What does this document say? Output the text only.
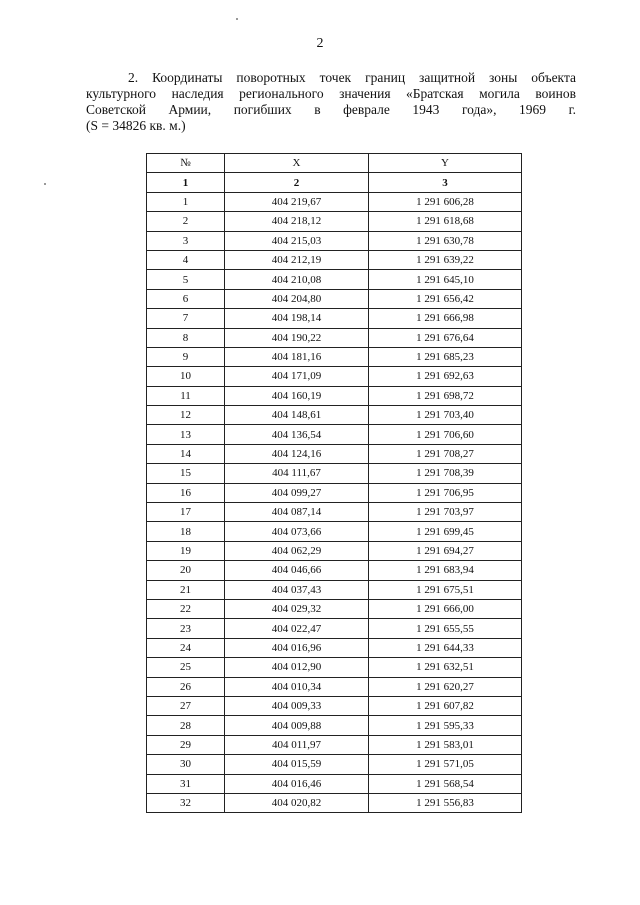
2
2. Координаты поворотных точек границ защитной зоны объекта
культурного наследия регионального значения «Братская могила воинов
Советской Армии, погибших в феврале 1943 года», 1969 г.
(S = 34826 кв. м.)
№	X	Y
1	2	3
1	404 219,67	1 291 606,28
2	404 218,12	1 291 618,68
3	404 215,03	1 291 630,78
4	404 212,19	1 291 639,22
5	404 210,08	1 291 645,10
6	404 204,80	1 291 656,42
7	404 198,14	1 291 666,98
8	404 190,22	1 291 676,64
9	404 181,16	1 291 685,23
10	404 171,09	1 291 692,63
11	404 160,19	1 291 698,72
12	404 148,61	1 291 703,40
13	404 136,54	1 291 706,60
14	404 124,16	1 291 708,27
15	404 111,67	1 291 708,39
16	404 099,27	1 291 706,95
17	404 087,14	1 291 703,97
18	404 073,66	1 291 699,45
19	404 062,29	1 291 694,27
20	404 046,66	1 291 683,94
21	404 037,43	1 291 675,51
22	404 029,32	1 291 666,00
23	404 022,47	1 291 655,55
24	404 016,96	1 291 644,33
25	404 012,90	1 291 632,51
26	404 010,34	1 291 620,27
27	404 009,33	1 291 607,82
28	404 009,88	1 291 595,33
29	404 011,97	1 291 583,01
30	404 015,59	1 291 571,05
31	404 016,46	1 291 568,54
32	404 020,82	1 291 556,83
